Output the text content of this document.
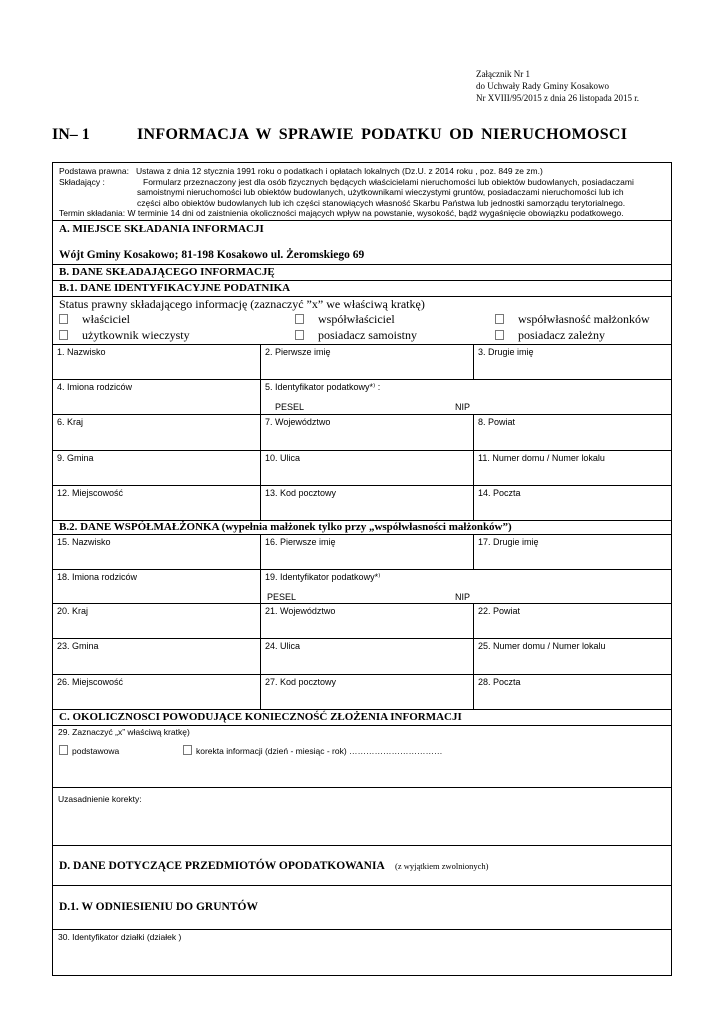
Załącznik Nr 1
do Uchwały Rady Gminy Kosakowo
Nr XVIII/95/2015 z dnia 26 listopada 2015 r.
IN– 1	INFORMACJA W SPRAWIE PODATKU OD NIERUCHOMOSCI
Podstawa prawna: Ustawa z dnia 12 stycznia 1991 roku o podatkach i opłatach lokalnych (Dz.U. z 2014 roku , poz. 849 ze zm.)
Składający :	Formularz przeznaczony jest dla osób fizycznych będących właścicielami nieruchomości lub obiektów budowlanych, posiadaczami
samoistnymi nieruchomości lub obiektów budowlanych, użytkownikami wieczystymi gruntów, posiadaczami nieruchomości lub ich
części albo obiektów budowlanych lub ich części stanowiących własność Skarbu Państwa lub jednostki samorządu terytorialnego.
Termin składania: W terminie 14 dni od zaistnienia okoliczności mających wpływ na powstanie, wysokość, bądź wygaśnięcie obowiązku podatkowego.
A. MIEJSCE SKŁADANIA INFORMACJI
Wójt Gminy Kosakowo; 81-198 Kosakowo ul. Żeromskiego 69
B. DANE SKŁADAJĄCEGO INFORMACJĘ
B.1. DANE IDENTYFIKACYJNE PODATNIKA
Status prawny składającego informację (zaznaczyć ”x” we właściwą kratkę)
właściciel	współwłaściciel	współwłasność małżonków
użytkownik wieczysty	posiadacz samoistny	posiadacz zależny
1. Nazwisko	2. Pierwsze imię	3. Drugie imię
4. Imiona rodziców	5. Identyfikator podatkowy*⁾ :
PESEL	NIP
6. Kraj	7. Województwo	8. Powiat
9. Gmina	10. Ulica	11. Numer domu / Numer lokalu
12. Miejscowość	13. Kod pocztowy	14. Poczta
B.2. DANE WSPÓŁMAŁŻONKA (wypełnia małżonek tylko przy „współwłasności małżonków”)
15. Nazwisko	16. Pierwsze imię	17. Drugie imię
18. Imiona rodziców	19. Identyfikator podatkowy*⁾
PESEL	NIP
20. Kraj	21. Województwo	22. Powiat
23. Gmina	24. Ulica	25. Numer domu / Numer lokalu
26. Miejscowość	27. Kod pocztowy	28. Poczta
C. OKOLICZNOSCI POWODUJĄCE KONIECZNOŚĆ ZŁOŻENIA INFORMACJI
29. Zaznaczyć „x” właściwą kratkę)
podstawowa	korekta informacji (dzień - miesiąc - rok) ……………………………
Uzasadnienie korekty:
D. DANE DOTYCZĄCE PRZEDMIOTÓW OPODATKOWANIA (z wyjątkiem zwolnionych)
D.1. W ODNIESIENIU DO GRUNTÓW
30. Identyfikator działki (działek )
